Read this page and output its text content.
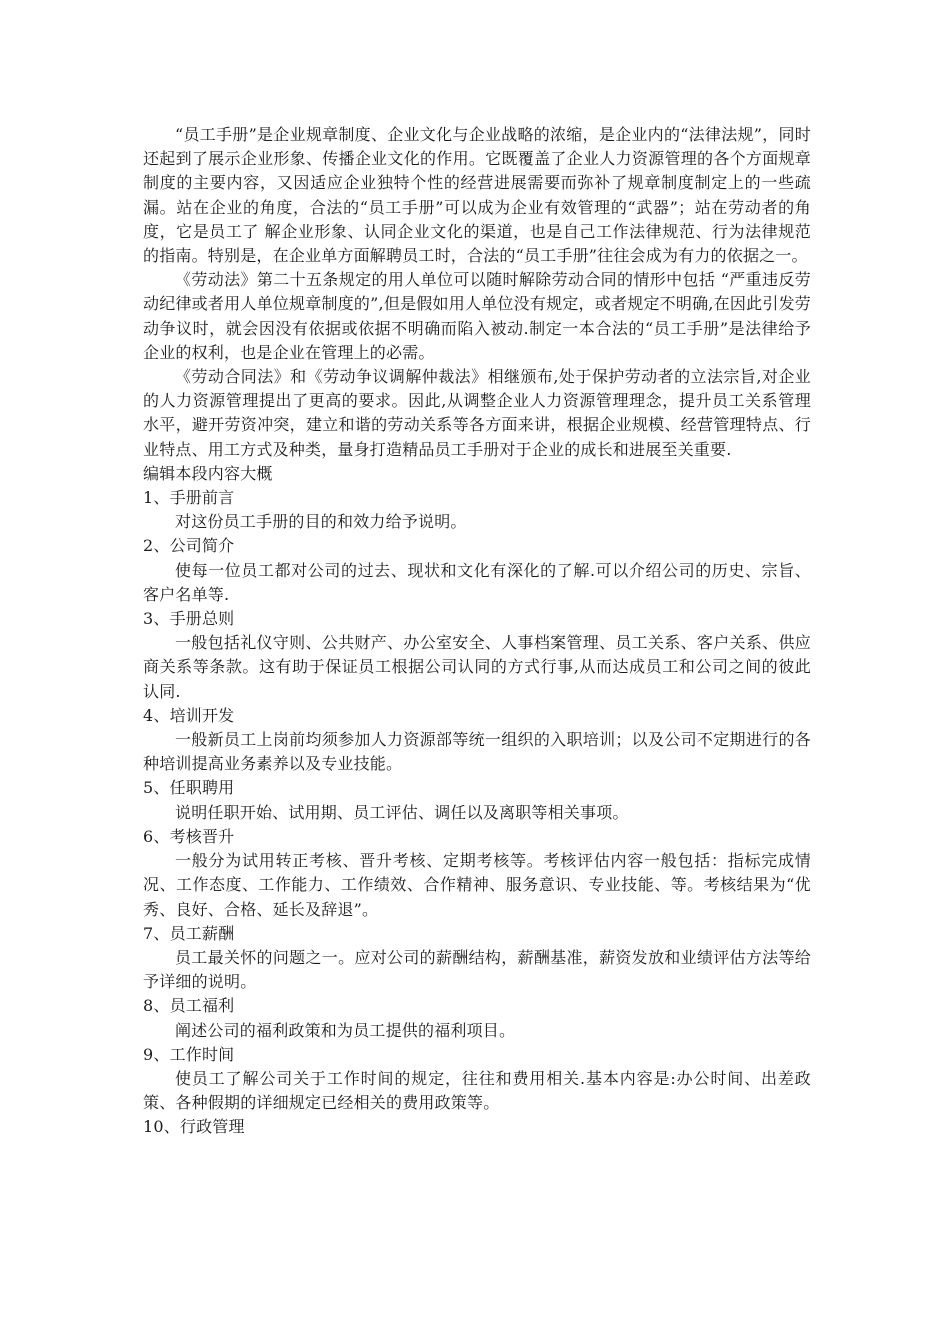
“员工手册”是企业规章制度、企业文化与企业战略的浓缩，是企业内的“法律法规”，同时还起到了展示企业形象、传播企业文化的作用。它既覆盖了企业人力资源管理的各个方面规章制度的主要内容，又因适应企业独特个性的经营进展需要而弥补了规章制度制定上的一些疏漏。站在企业的角度，合法的“员工手册”可以成为企业有效管理的“武器”；站在劳动者的角度，它是员工了 解企业形象、认同企业文化的渠道，也是自己工作法律规范、行为法律规范的指南。特别是，在企业单方面解聘员工时，合法的“员工手册”往往会成为有力的依据之一。

《劳动法》第二十五条规定的用人单位可以随时解除劳动合同的情形中包括 “严重违反劳动纪律或者用人单位规章制度的”,但是假如用人单位没有规定，或者规定不明确,在因此引发劳动争议时，就会因没有依据或依据不明确而陷入被动.制定一本合法的“员工手册”是法律给予企业的权利，也是企业在管理上的必需。

《劳动合同法》和《劳动争议调解仲裁法》相继颁布,处于保护劳动者的立法宗旨,对企业的人力资源管理提出了更高的要求。因此,从调整企业人力资源管理理念，提升员工关系管理水平，避开劳资冲突，建立和谐的劳动关系等各方面来讲，根据企业规模、经营管理特点、行业特点、用工方式及种类，量身打造精品员工手册对于企业的成长和进展至关重要.

编辑本段内容大概

1、手册前言

对这份员工手册的目的和效力给予说明。

2、公司简介

使每一位员工都对公司的过去、现状和文化有深化的了解.可以介绍公司的历史、宗旨、客户名单等.

3、手册总则

一般包括礼仪守则、公共财产、办公室安全、人事档案管理、员工关系、客户关系、供应商关系等条款。这有助于保证员工根据公司认同的方式行事,从而达成员工和公司之间的彼此认同.

4、培训开发

一般新员工上岗前均须参加人力资源部等统一组织的入职培训；以及公司不定期进行的各种培训提高业务素养以及专业技能。

5、任职聘用

说明任职开始、试用期、员工评估、调任以及离职等相关事项。

6、考核晋升

一般分为试用转正考核、晋升考核、定期考核等。考核评估内容一般包括：指标完成情况、工作态度、工作能力、工作绩效、合作精神、服务意识、专业技能、等。考核结果为“优秀、良好、合格、延长及辞退”。

7、员工薪酬

员工最关怀的问题之一。应对公司的薪酬结构，薪酬基准，薪资发放和业绩评估方法等给予详细的说明。

8、员工福利

阐述公司的福利政策和为员工提供的福利项目。

9、工作时间

使员工了解公司关于工作时间的规定，往往和费用相关.基本内容是:办公时间、出差政策、各种假期的详细规定已经相关的费用政策等。

10、行政管理
